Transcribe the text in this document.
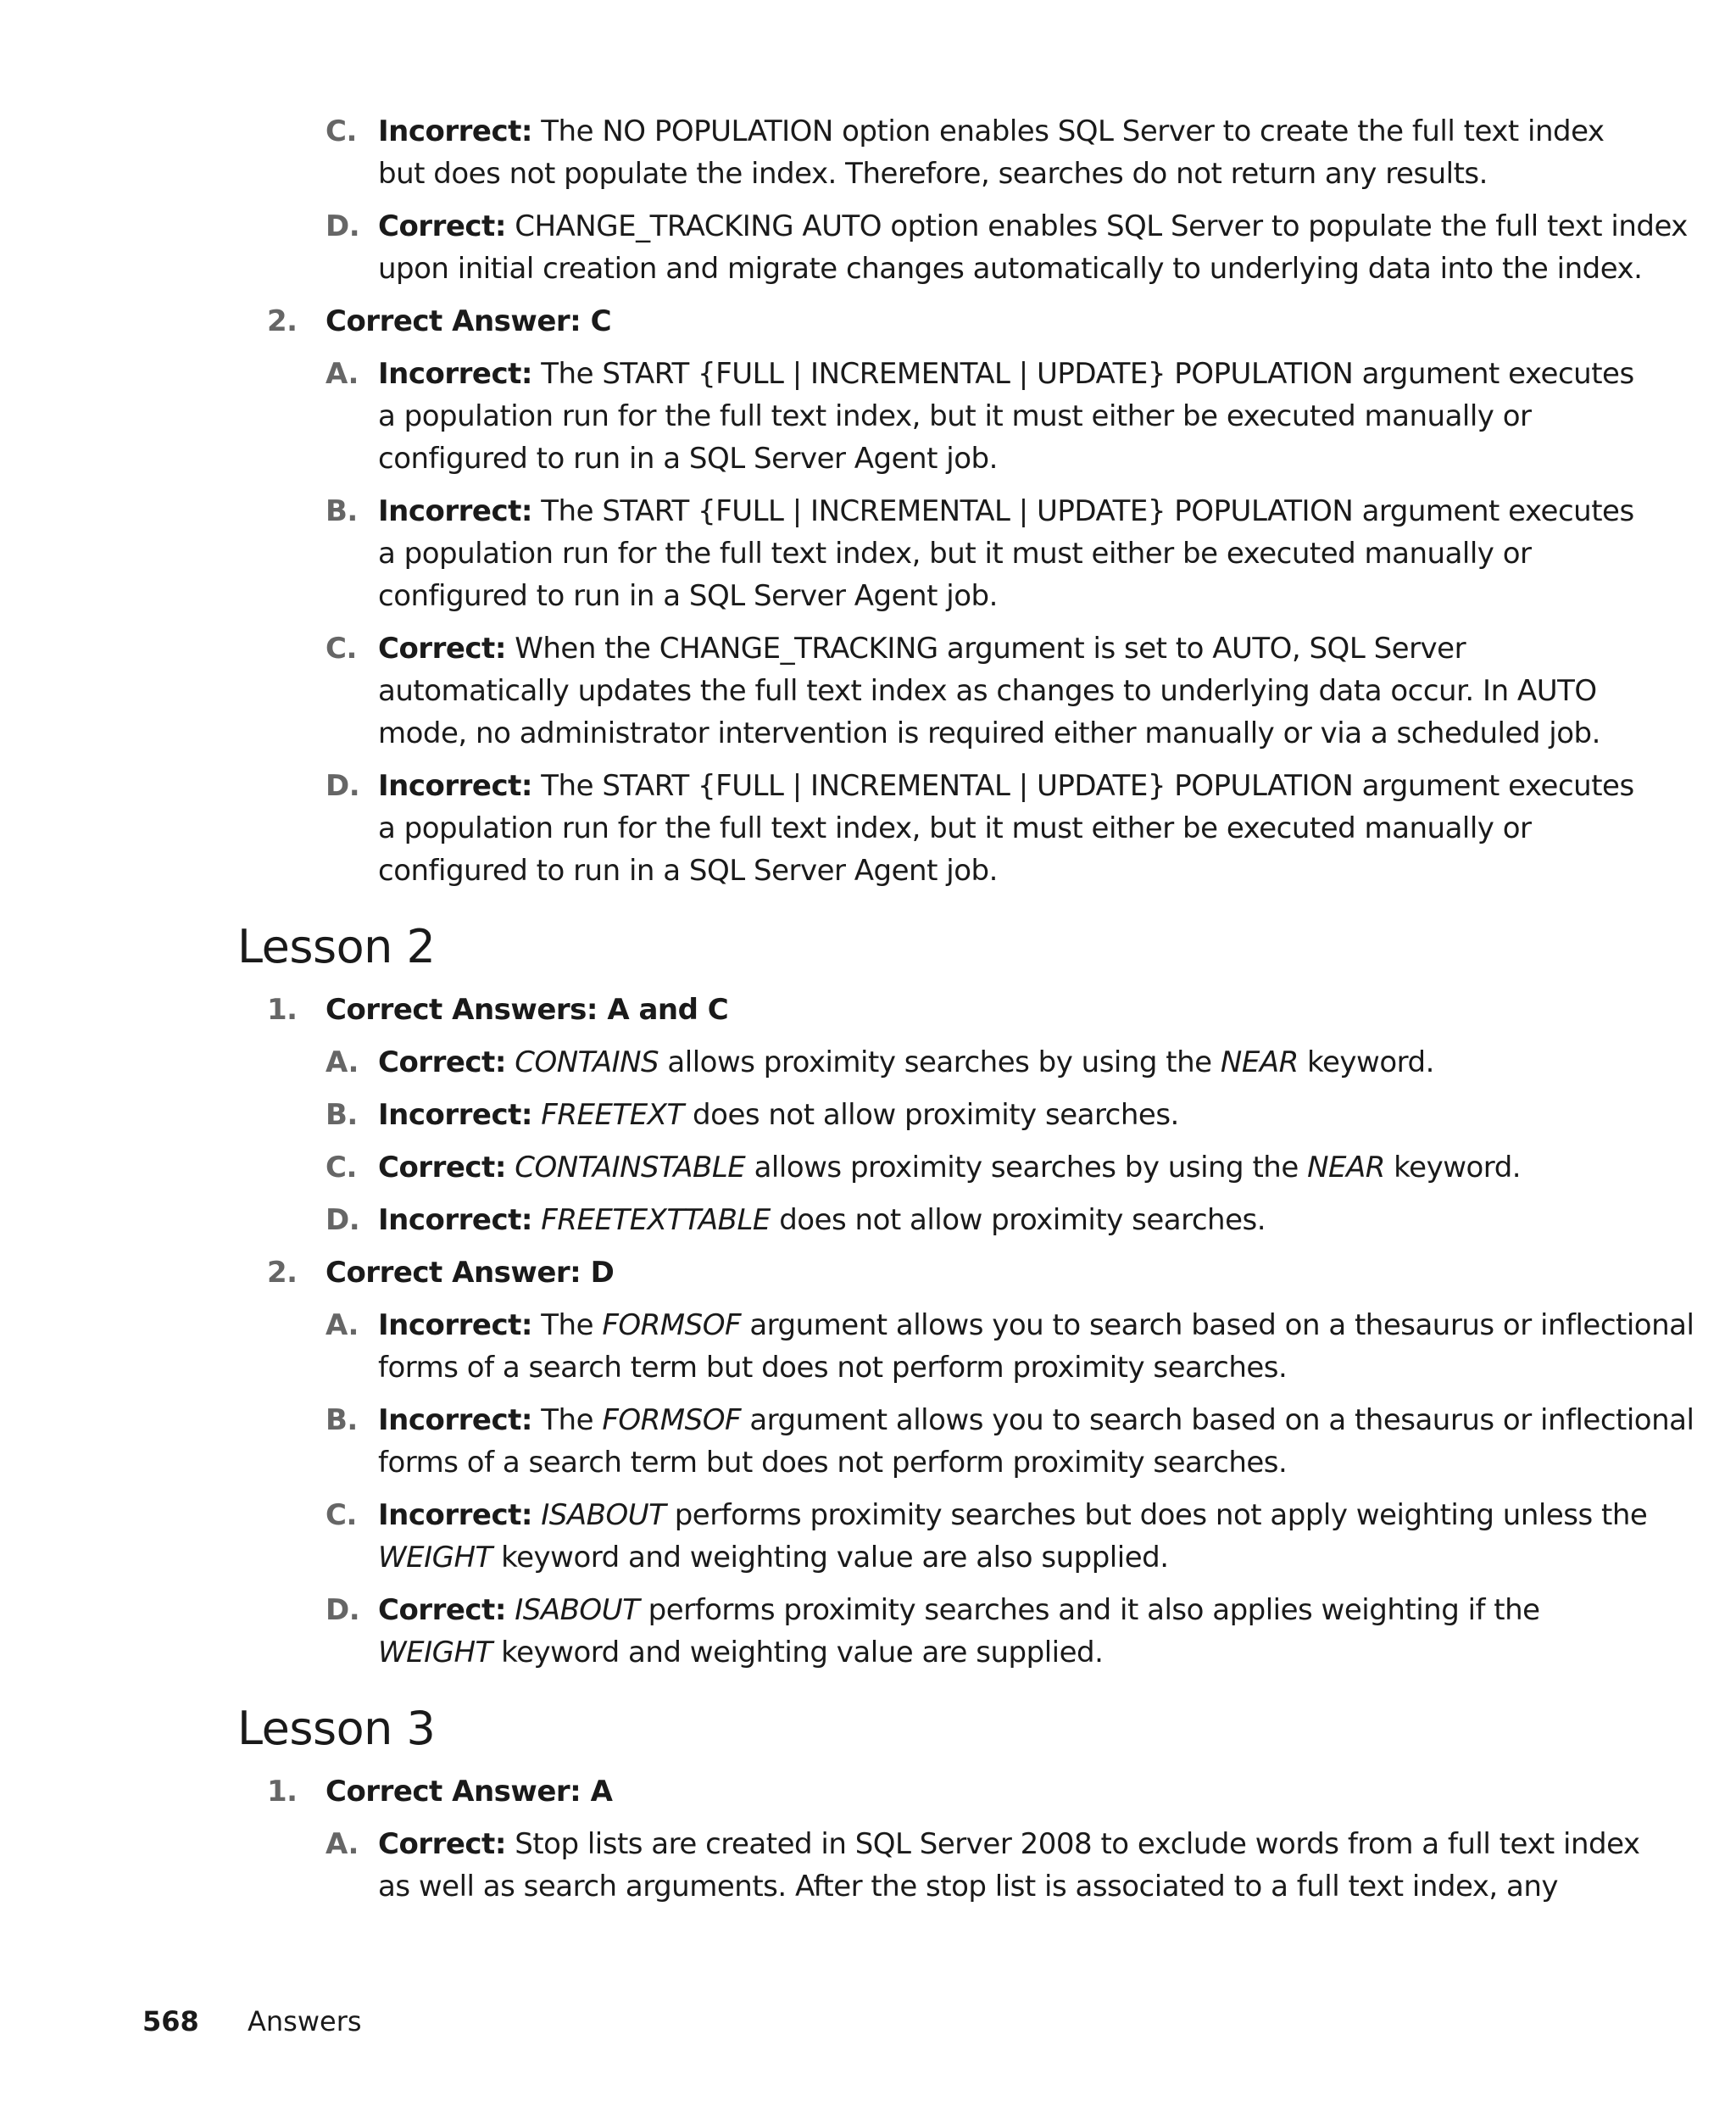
C. Incorrect: The NO POPULATION option enables SQL Server to create the full text index
but does not populate the index. Therefore, searches do not return any results.
D. Correct: CHANGE_TRACKING AUTO option enables SQL Server to populate the full text index
upon initial creation and migrate changes automatically to underlying data into the index.
2. Correct Answer: C
A. Incorrect: The START {FULL | INCREMENTAL | UPDATE} POPULATION argument executes
a population run for the full text index, but it must either be executed manually or
configured to run in a SQL Server Agent job.
B. Incorrect: The START {FULL | INCREMENTAL | UPDATE} POPULATION argument executes
a population run for the full text index, but it must either be executed manually or
configured to run in a SQL Server Agent job.
C. Correct: When the CHANGE_TRACKING argument is set to AUTO, SQL Server
automatically updates the full text index as changes to underlying data occur. In AUTO
mode, no administrator intervention is required either manually or via a scheduled job.
D. Incorrect: The START {FULL | INCREMENTAL | UPDATE} POPULATION argument executes
a population run for the full text index, but it must either be executed manually or
configured to run in a SQL Server Agent job.
Lesson 2
1. Correct Answers: A and C
A. Correct: CONTAINS allows proximity searches by using the NEAR keyword.
B. Incorrect: FREETEXT does not allow proximity searches.
C. Correct: CONTAINSTABLE allows proximity searches by using the NEAR keyword.
D. Incorrect: FREETEXTTABLE does not allow proximity searches.
2. Correct Answer: D
A. Incorrect: The FORMSOF argument allows you to search based on a thesaurus or inflectional
forms of a search term but does not perform proximity searches.
B. Incorrect: The FORMSOF argument allows you to search based on a thesaurus or inflectional
forms of a search term but does not perform proximity searches.
C. Incorrect: ISABOUT performs proximity searches but does not apply weighting unless the
WEIGHT keyword and weighting value are also supplied.
D. Correct: ISABOUT performs proximity searches and it also applies weighting if the
WEIGHT keyword and weighting value are supplied.
Lesson 3
1. Correct Answer: A
A. Correct: Stop lists are created in SQL Server 2008 to exclude words from a full text index
as well as search arguments. After the stop list is associated to a full text index, any
568 Answers
